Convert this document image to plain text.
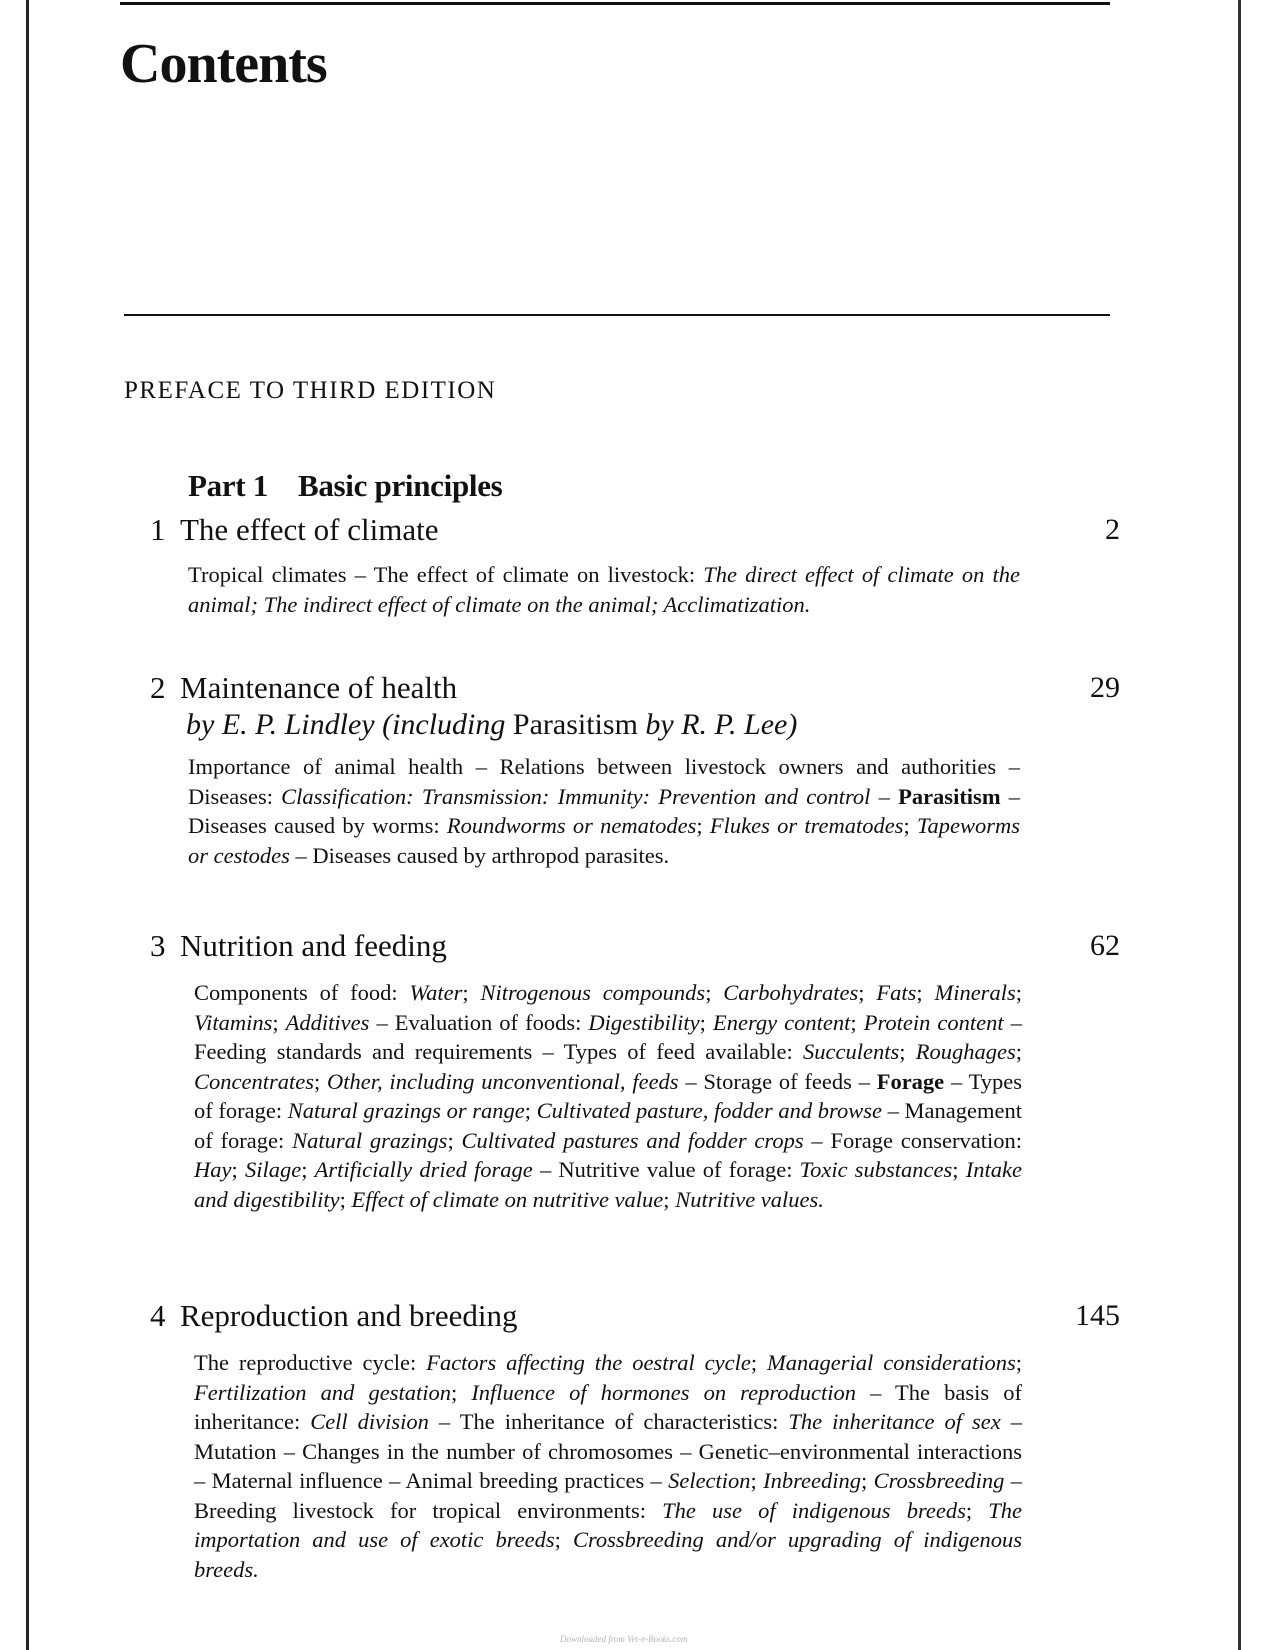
Contents
PREFACE TO THIRD EDITION
Part 1 Basic principles
1 The effect of climate	2
Tropical climates – The effect of climate on livestock: The direct effect of climate on the animal; The indirect effect of climate on the animal; Acclimatization.
2 Maintenance of health	29
by E. P. Lindley (including Parasitism by R. P. Lee)
Importance of animal health – Relations between livestock owners and authorities – Diseases: Classification: Transmission: Immunity: Prevention and control – Parasitism – Diseases caused by worms: Roundworms or nematodes; Flukes or trematodes; Tapeworms or cestodes – Diseases caused by arthropod parasites.
3 Nutrition and feeding	62
Components of food: Water; Nitrogenous compounds; Carbohydrates; Fats; Minerals; Vitamins; Additives – Evaluation of foods: Digestibility; Energy content; Protein content – Feeding standards and requirements – Types of feed available: Succulents; Roughages; Concentrates; Other, including unconventional, feeds – Storage of feeds – Forage – Types of forage: Natural grazings or range; Cultivated pasture, fodder and browse – Management of forage: Natural grazings; Cultivated pastures and fodder crops – Forage conservation: Hay; Silage; Artificially dried forage – Nutritive value of forage: Toxic substances; Intake and digestibility; Effect of climate on nutritive value; Nutritive values.
4 Reproduction and breeding	145
The reproductive cycle: Factors affecting the oestral cycle; Managerial considerations; Fertilization and gestation; Influence of hormones on reproduction – The basis of inheritance: Cell division – The inheritance of characteristics: The inheritance of sex – Mutation – Changes in the number of chromosomes – Genetic–environmental interactions – Maternal influence – Animal breeding practices – Selection; Inbreeding; Crossbreeding – Breeding livestock for tropical environments: The use of indigenous breeds; The importation and use of exotic breeds; Crossbreeding and/or upgrading of indigenous breeds.
Downloaded from Vet-e-Books.com
